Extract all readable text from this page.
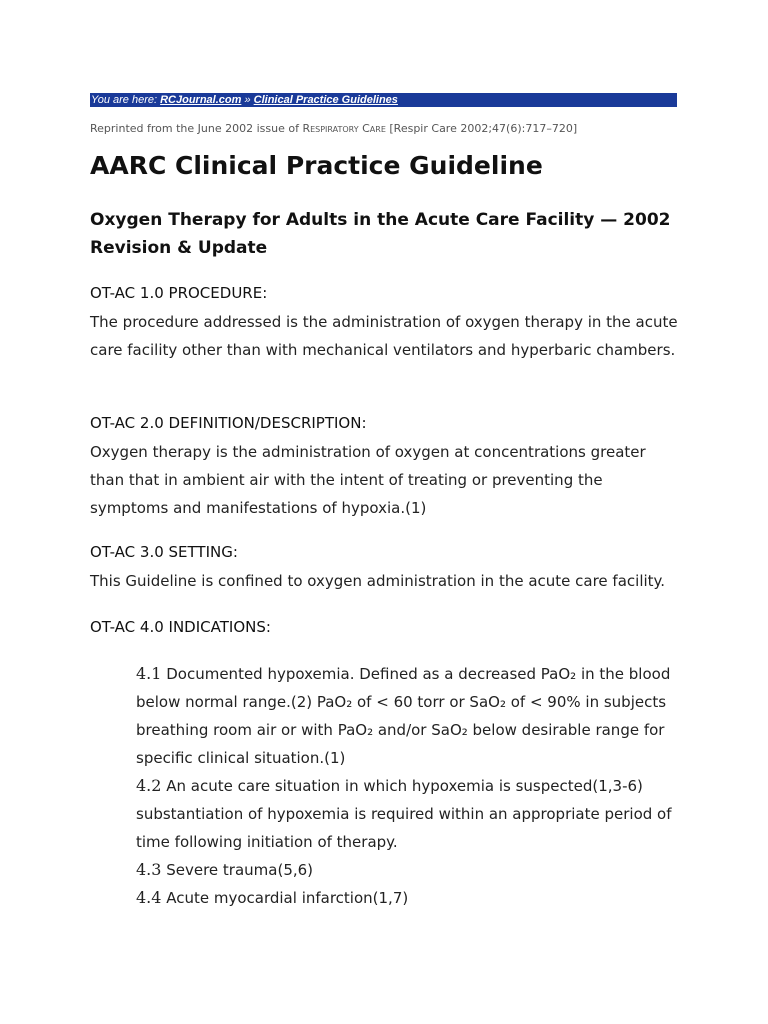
You are here: RCJournal.com » Clinical Practice Guidelines
Reprinted from the June 2002 issue of Respiratory Care [Respir Care 2002;47(6):717–720]
AARC Clinical Practice Guideline
Oxygen Therapy for Adults in the Acute Care Facility — 2002 Revision & Update
OT-AC 1.0 PROCEDURE:

The procedure addressed is the administration of oxygen therapy in the acute care facility other than with mechanical ventilators and hyperbaric chambers.

OT-AC 2.0 DEFINITION/DESCRIPTION:

Oxygen therapy is the administration of oxygen at concentrations greater than that in ambient air with the intent of treating or preventing the symptoms and manifestations of hypoxia.(1)

OT-AC 3.0 SETTING:

This Guideline is confined to oxygen administration in the acute care facility.

OT-AC 4.0 INDICATIONS:

4.1 Documented hypoxemia. Defined as a decreased PaO₂ in the blood below normal range.(2) PaO₂ of < 60 torr or SaO₂ of < 90% in subjects breathing room air or with PaO₂ and/or SaO₂ below desirable range for specific clinical situation.(1)

4.2 An acute care situation in which hypoxemia is suspected(1,3-6) substantiation of hypoxemia is required within an appropriate period of time following initiation of therapy.

4.3 Severe trauma(5,6)

4.4 Acute myocardial infarction(1,7)
